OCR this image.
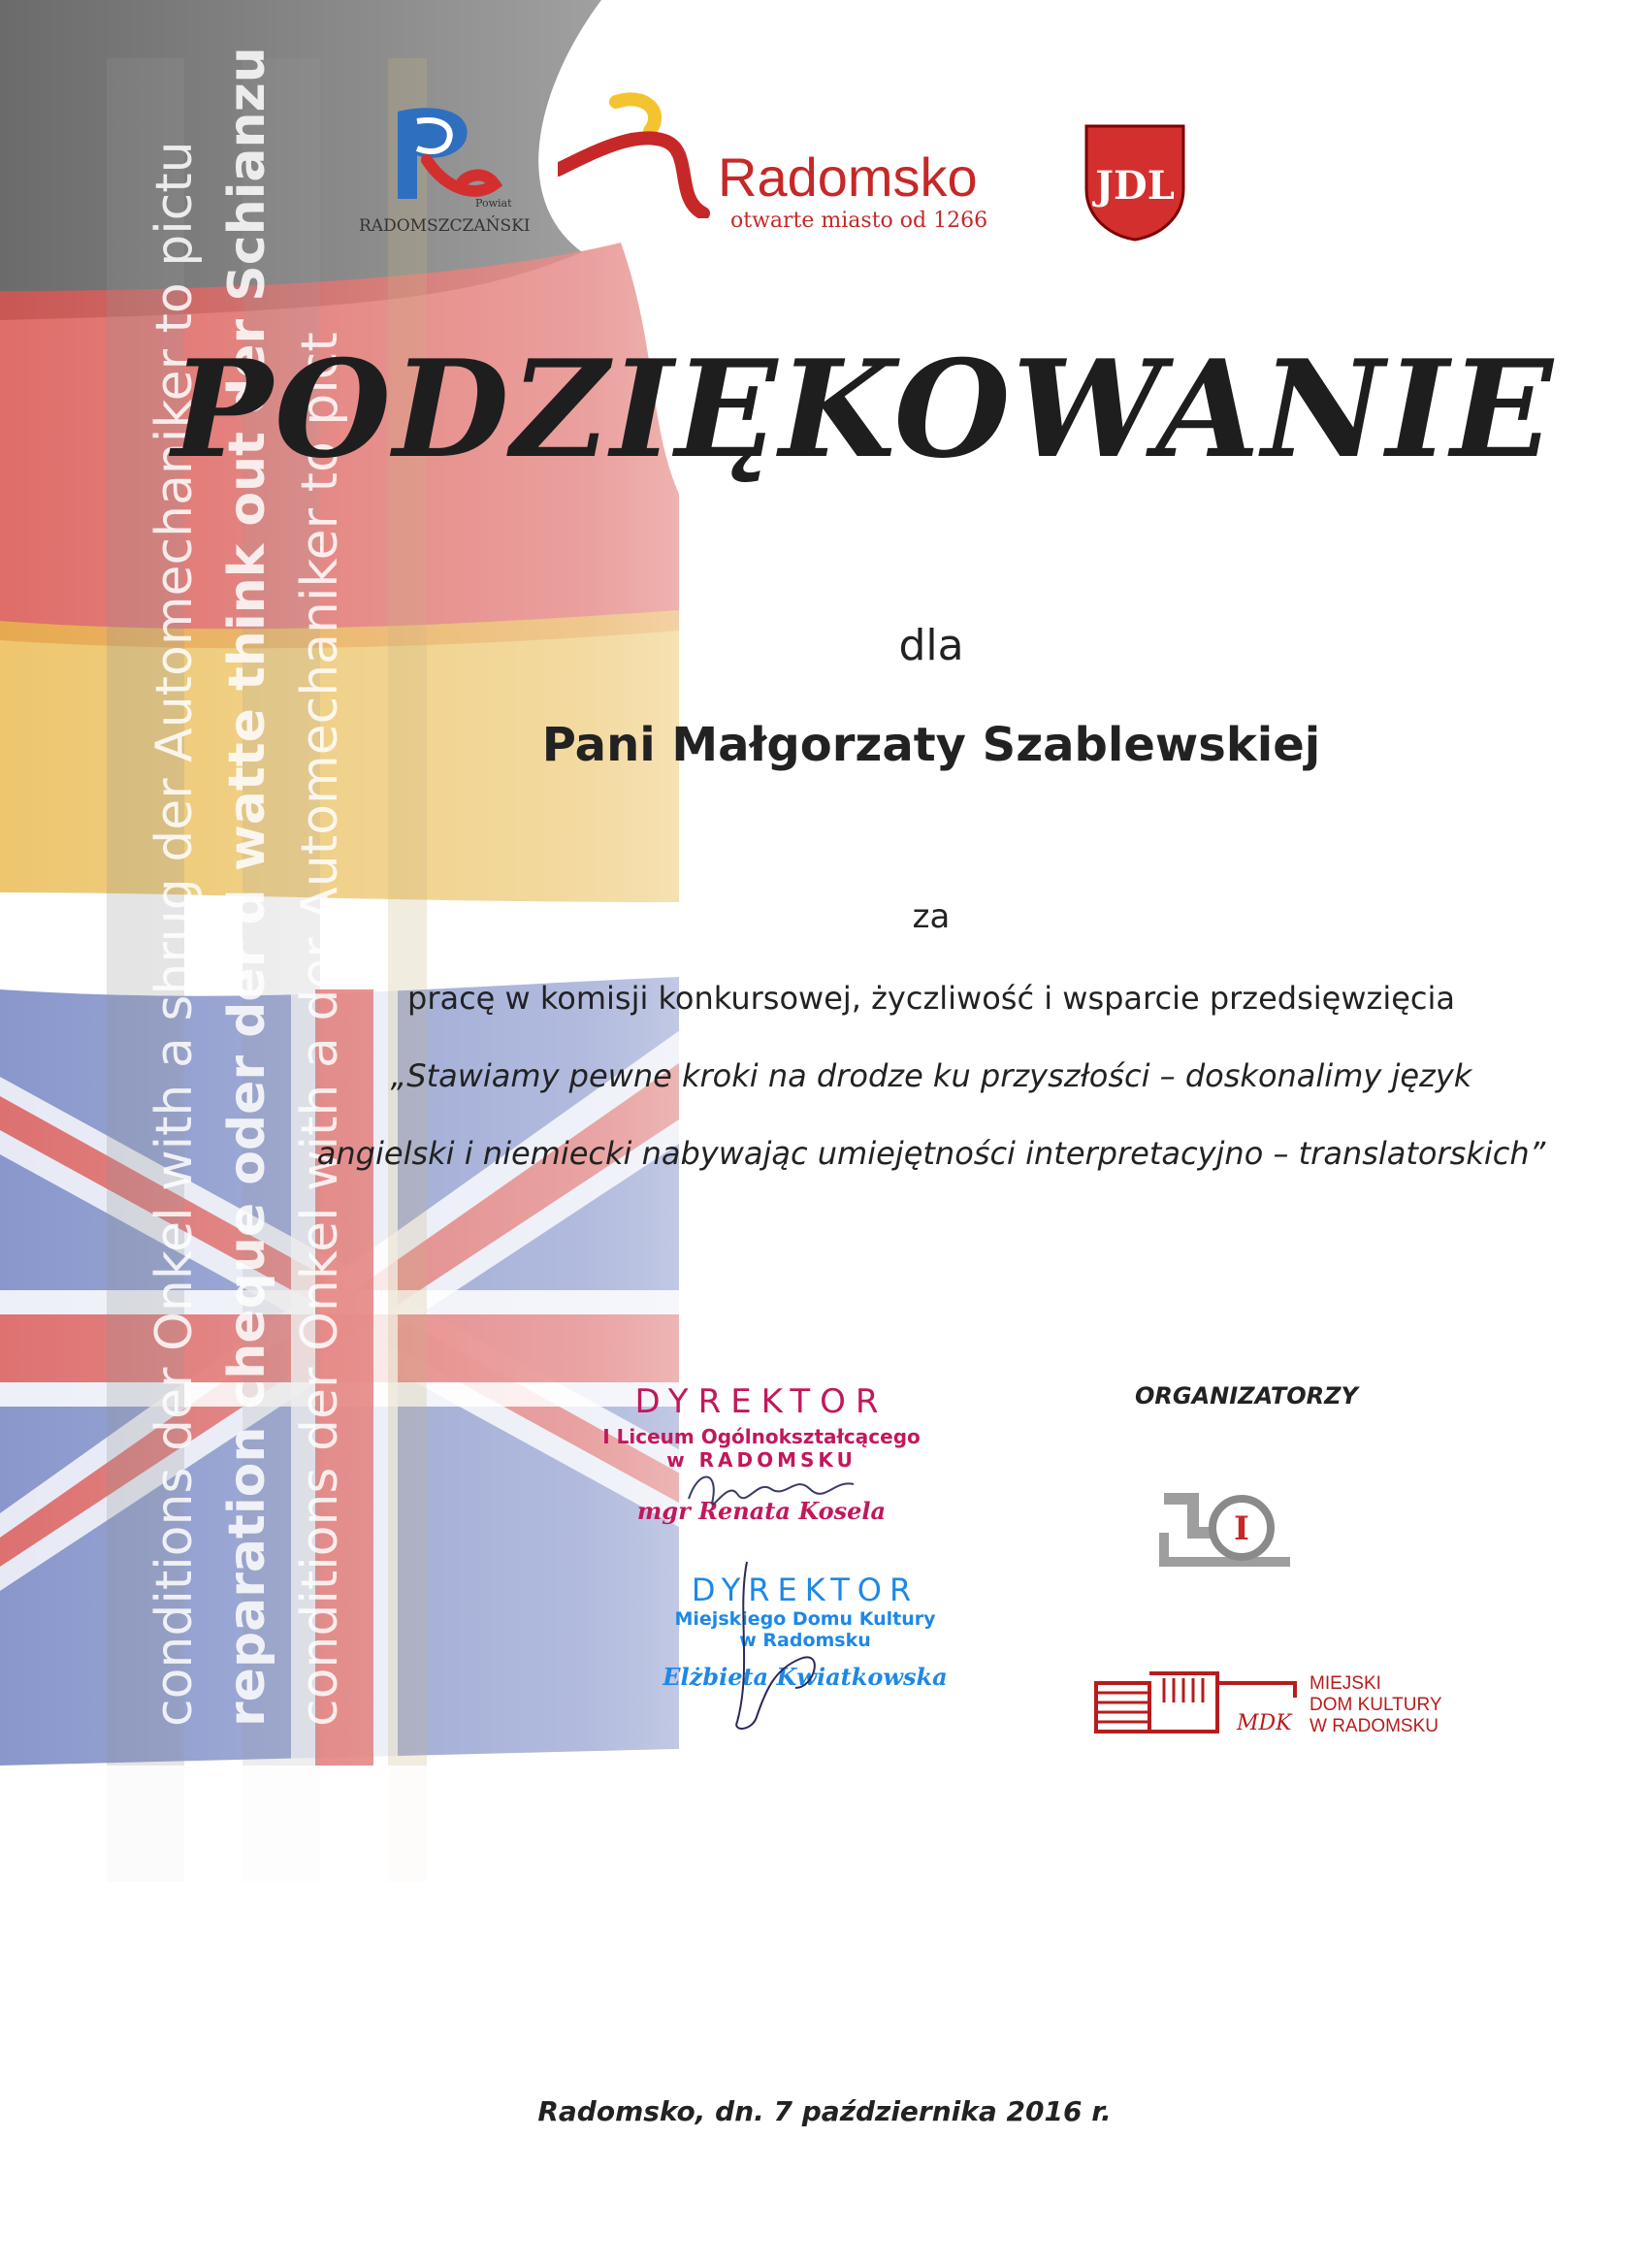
conditions der Onkel with a shrug der Automechaniker to pictu reparation cheque oder der d watte think out der Schianzu conditions der Onkel with a der Automechaniker to pict
Powiat
RADOMSZCZAŃSKI
Radomsko
otwarte miasto od 1266
JDL
PODZIĘKOWANIE
dla
Pani Małgorzaty Szablewskiej
za
pracę w komisji konkursowej, życzliwość i wsparcie przedsięwzięcia
„Stawiamy pewne kroki na drodze ku przyszłości – doskonalimy język
angielski i niemiecki nabywając umiejętności interpretacyjno – translatorskich”
DYREKTOR
I Liceum Ogólnokształcącego
w RADOMSKU
mgr Renata Kosela
DYREKTOR
Miejskiego Domu Kultury
w Radomsku
Elżbieta Kwiatkowska
ORGANIZATORZY
I
MDK
MIEJSKI
DOM KULTURY
W RADOMSKU
Radomsko, dn. 7 października 2016 r.
